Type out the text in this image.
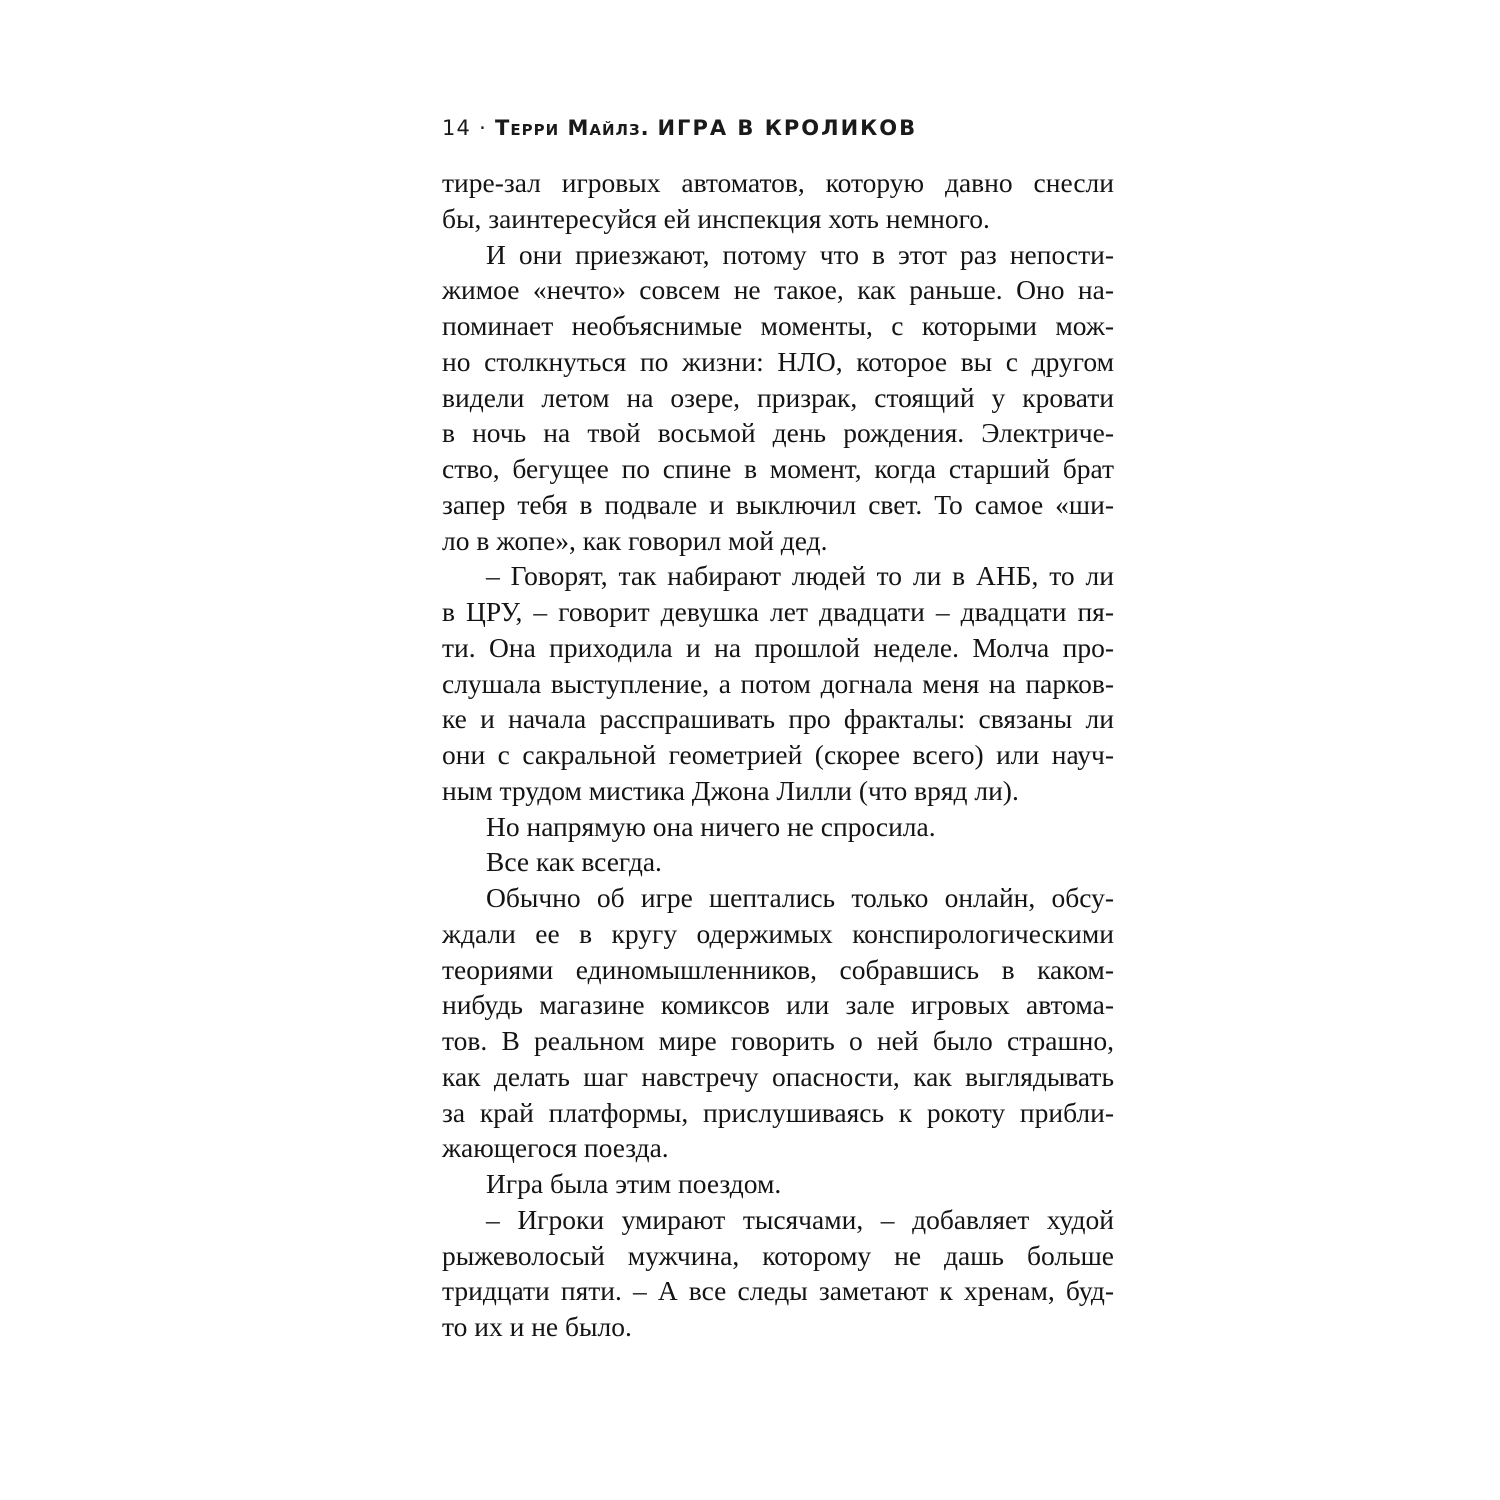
14 · Терри Майлз. ИГРА В КРОЛИКОВ
тире-зал игровых автоматов, которую давно снесли
бы, заинтересуйся ей инспекция хоть немного.
И они приезжают, потому что в этот раз непости-
жимое «нечто» совсем не такое, как раньше. Оно на-
поминает необъяснимые моменты, с которыми мож-
но столкнуться по жизни: НЛО, которое вы с другом
видели летом на озере, призрак, стоящий у кровати
в ночь на твой восьмой день рождения. Электриче-
ство, бегущее по спине в момент, когда старший брат
запер тебя в подвале и выключил свет. То самое «ши-
ло в жопе», как говорил мой дед.
– Говорят, так набирают людей то ли в АНБ, то ли
в ЦРУ, – говорит девушка лет двадцати – двадцати пя-
ти. Она приходила и на прошлой неделе. Молча про-
слушала выступление, а потом догнала меня на парков-
ке и начала расспрашивать про фракталы: связаны ли
они с сакральной геометрией (скорее всего) или науч-
ным трудом мистика Джона Лилли (что вряд ли).
Но напрямую она ничего не спросила.
Все как всегда.
Обычно об игре шептались только онлайн, обсу-
ждали ее в кругу одержимых конспирологическими
теориями единомышленников, собравшись в каком-
нибудь магазине комиксов или зале игровых автома-
тов. В реальном мире говорить о ней было страшно,
как делать шаг навстречу опасности, как выглядывать
за край платформы, прислушиваясь к рокоту прибли-
жающегося поезда.
Игра была этим поездом.
– Игроки умирают тысячами, – добавляет худой
рыжеволосый мужчина, которому не дашь больше
тридцати пяти. – А все следы заметают к хренам, буд-
то их и не было.
